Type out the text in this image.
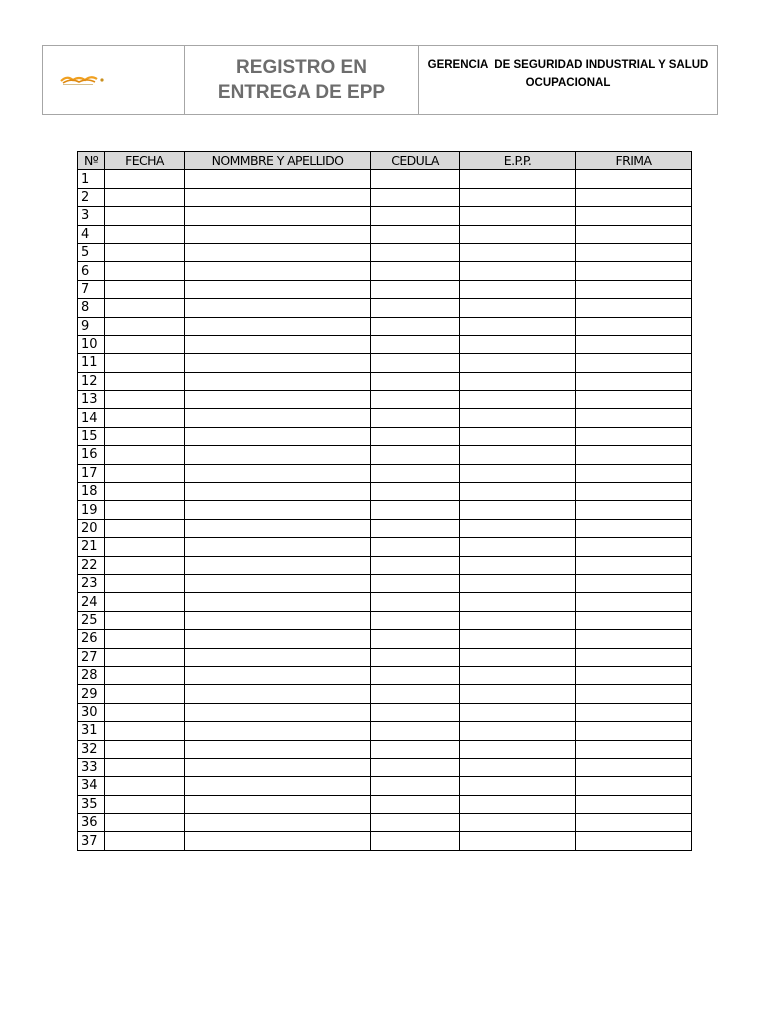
REGISTRO EN
ENTREGA DE EPP
GERENCIA  DE SEGURIDAD INDUSTRIAL Y SALUD
OCUPACIONAL
Nº	FECHA	NOMMBRE Y APELLIDO	CEDULA	E.P.P.	FRIMA
1					
2					
3					
4					
5					
6					
7					
8					
9					
10					
11					
12					
13					
14					
15					
16					
17					
18					
19					
20					
21					
22					
23					
24					
25					
26					
27					
28					
29					
30					
31					
32					
33					
34					
35					
36					
37					
